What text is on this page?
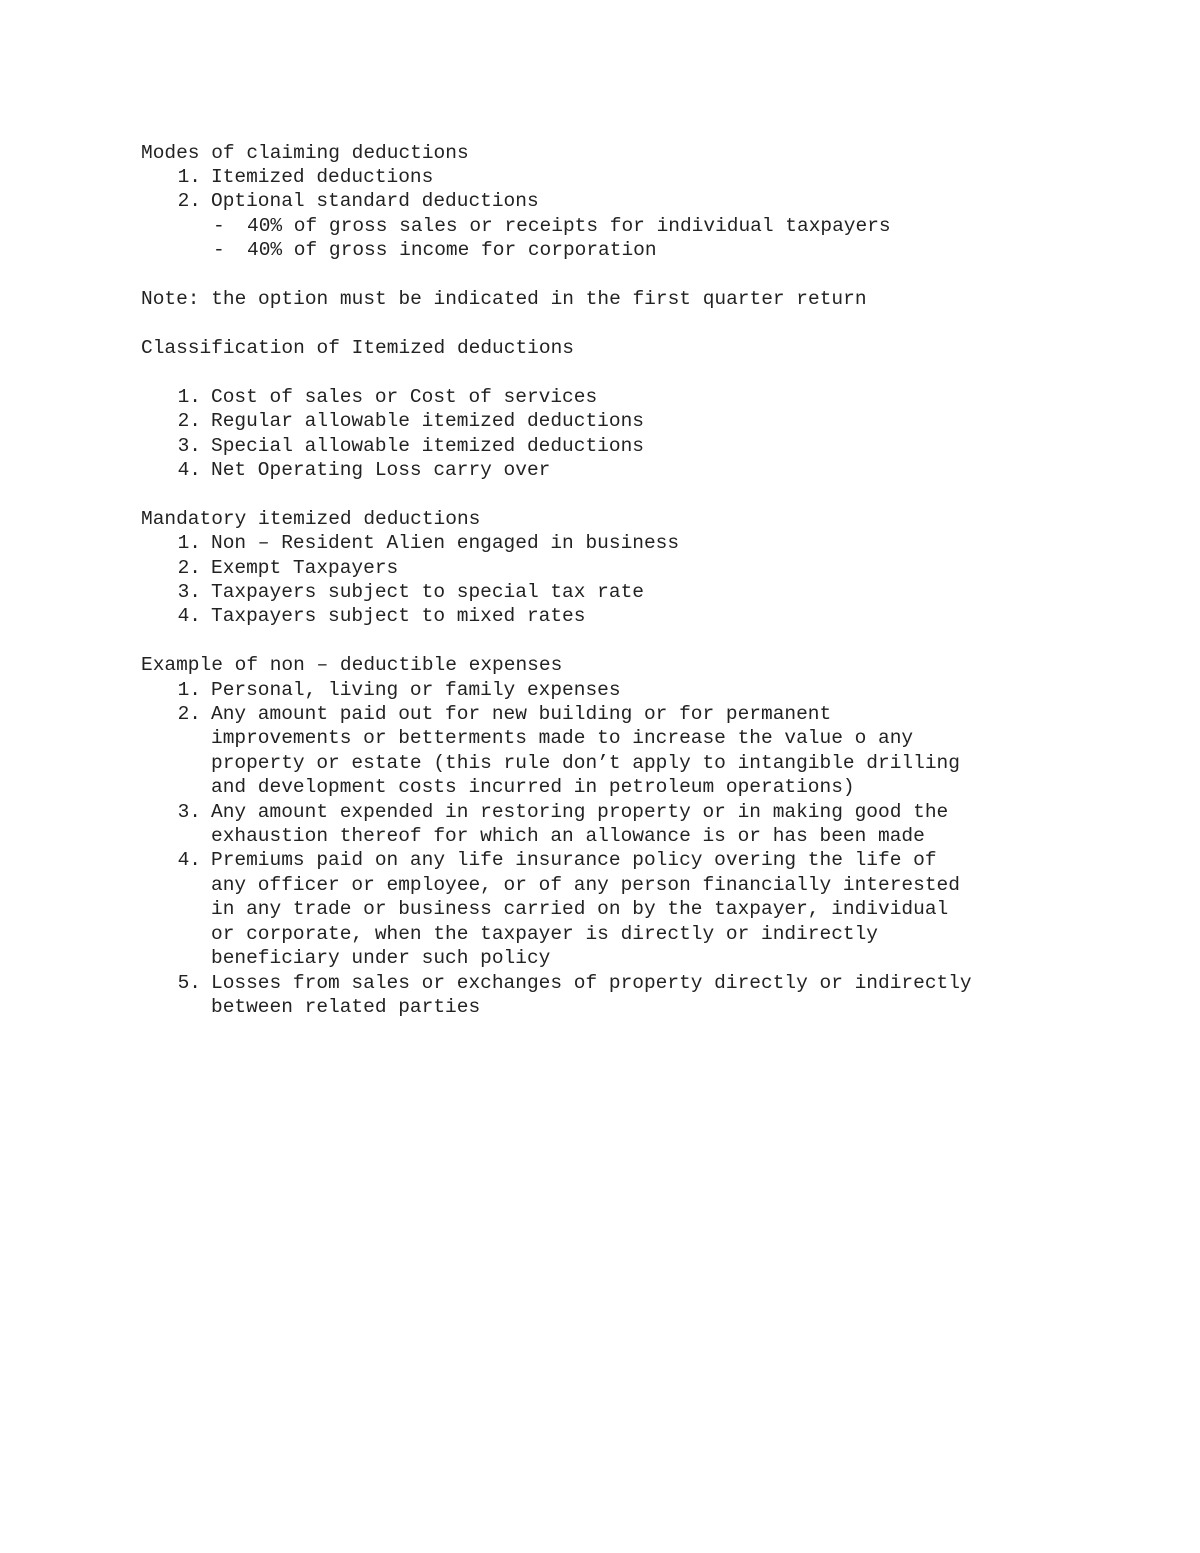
Modes of claiming deductions
1. Itemized deductions
2. Optional standard deductions
- 40% of gross sales or receipts for individual taxpayers
- 40% of gross income for corporation
Note: the option must be indicated in the first quarter return
Classification of Itemized deductions
1. Cost of sales or Cost of services
2. Regular allowable itemized deductions
3. Special allowable itemized deductions
4. Net Operating Loss carry over
Mandatory itemized deductions
1. Non – Resident Alien engaged in business
2. Exempt Taxpayers
3. Taxpayers subject to special tax rate
4. Taxpayers subject to mixed rates
Example of non – deductible expenses
1. Personal, living or family expenses
2. Any amount paid out for new building or for permanent
improvements or betterments made to increase the value o any
property or estate (this rule don’t apply to intangible drilling
and development costs incurred in petroleum operations)
3. Any amount expended in restoring property or in making good the
exhaustion thereof for which an allowance is or has been made
4. Premiums paid on any life insurance policy overing the life of
any officer or employee, or of any person financially interested
in any trade or business carried on by the taxpayer, individual
or corporate, when the taxpayer is directly or indirectly
beneficiary under such policy
5. Losses from sales or exchanges of property directly or indirectly
between related parties
